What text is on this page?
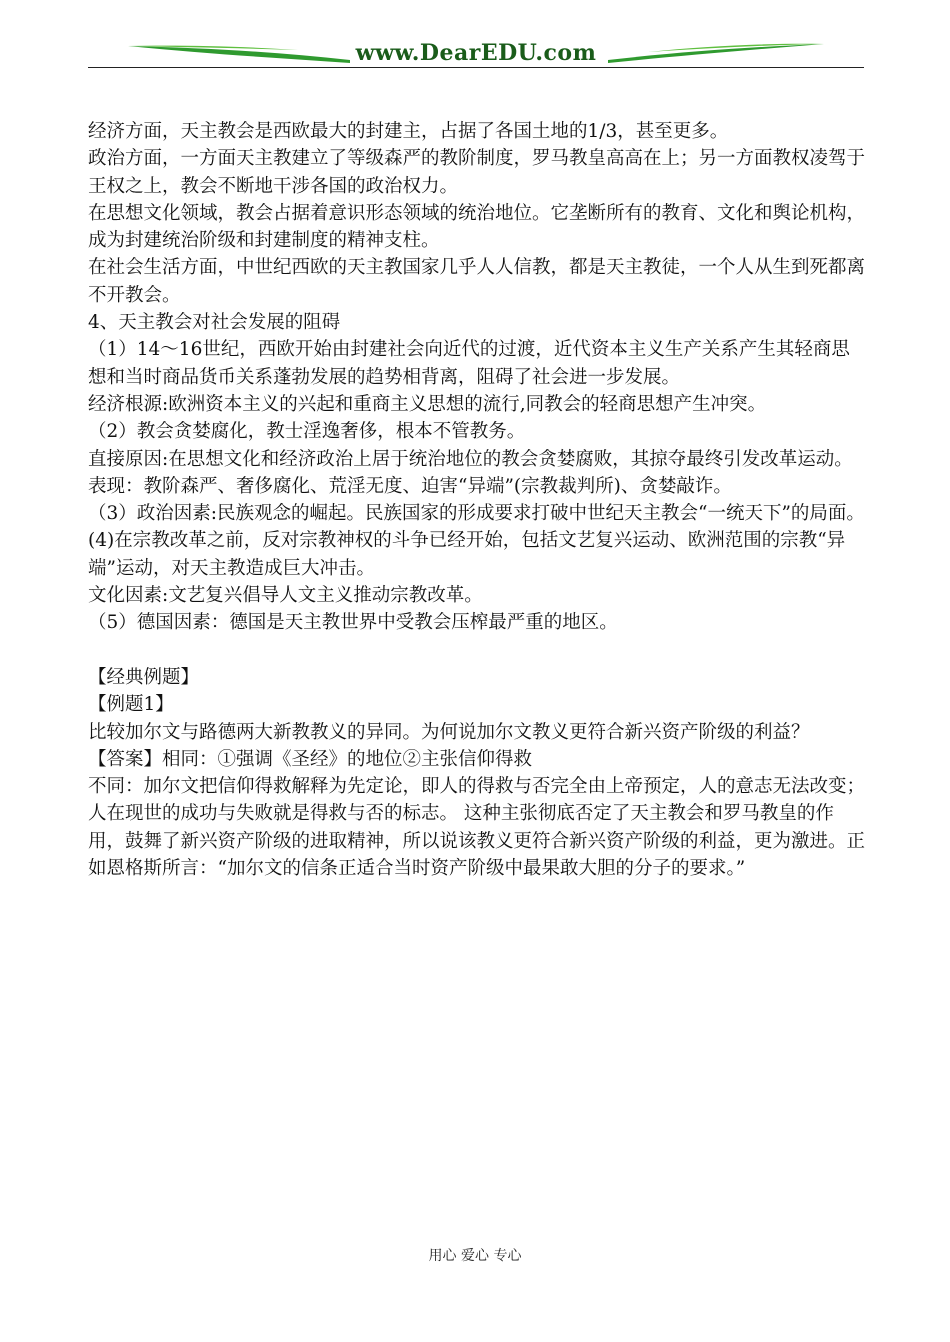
www.DearEDU.com

经济方面，天主教会是西欧最大的封建主，占据了各国土地的1/3，甚至更多。

政治方面，一方面天主教建立了等级森严的教阶制度，罗马教皇高高在上；另一方面教权凌驾于王权之上，教会不断地干涉各国的政治权力。

在思想文化领域，教会占据着意识形态领域的统治地位。它垄断所有的教育、文化和舆论机构，成为封建统治阶级和封建制度的精神支柱。

在社会生活方面，中世纪西欧的天主教国家几乎人人信教，都是天主教徒，一个人从生到死都离不开教会。

4、天主教会对社会发展的阻碍

（1）14～16世纪，西欧开始由封建社会向近代的过渡，近代资本主义生产关系产生其轻商思想和当时商品货币关系蓬勃发展的趋势相背离，阻碍了社会进一步发展。

经济根源:欧洲资本主义的兴起和重商主义思想的流行,同教会的轻商思想产生冲突。

（2）教会贪婪腐化，教士淫逸奢侈，根本不管教务。

直接原因:在思想文化和经济政治上居于统治地位的教会贪婪腐败，其掠夺最终引发改革运动。

表现：教阶森严、奢侈腐化、荒淫无度、迫害“异端”(宗教裁判所)、贪婪敲诈。

（3）政治因素:民族观念的崛起。民族国家的形成要求打破中世纪天主教会“一统天下”的局面。

(4)在宗教改革之前，反对宗教神权的斗争已经开始，包括文艺复兴运动、欧洲范围的宗教“异端”运动，对天主教造成巨大冲击。

文化因素:文艺复兴倡导人文主义推动宗教改革。

（5）德国因素：德国是天主教世界中受教会压榨最严重的地区。

【经典例题】

【例题1】

比较加尔文与路德两大新教教义的异同。为何说加尔文教义更符合新兴资产阶级的利益？

【答案】相同：①强调《圣经》的地位②主张信仰得救

不同：加尔文把信仰得救解释为先定论，即人的得救与否完全由上帝预定，人的意志无法改变；人在现世的成功与失败就是得救与否的标志。 这种主张彻底否定了天主教会和罗马教皇的作用，鼓舞了新兴资产阶级的进取精神，所以说该教义更符合新兴资产阶级的利益，更为激进。正如恩格斯所言：“加尔文的信条正适合当时资产阶级中最果敢大胆的分子的要求。”

用心 爱心 专心
